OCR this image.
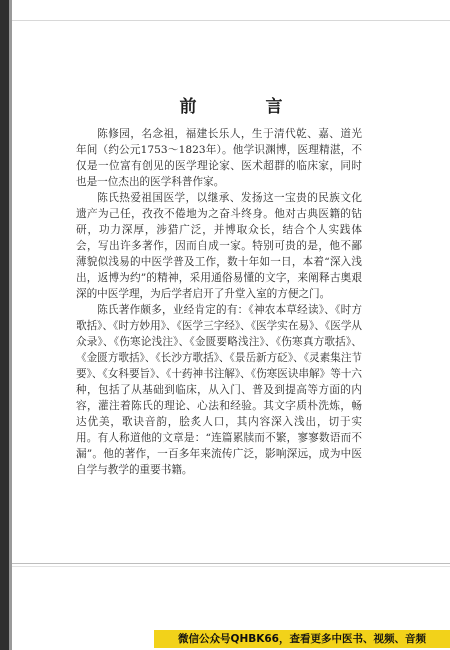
前　言

陈修园，名念祖，福建长乐人，生于清代乾、嘉、道光年间（约公元1753～1823年）。他学识渊博，医理精湛，不仅是一位富有创见的医学理论家、医术超群的临床家，同时也是一位杰出的医学科普作家。

陈氏热爱祖国医学，以继承、发扬这一宝贵的民族文化遗产为己任，孜孜不倦地为之奋斗终身。他对古典医籍的钻研，功力深厚，涉猎广泛，并博取众长，结合个人实践体会，写出许多著作，因而自成一家。特别可贵的是，他不鄙薄貌似浅易的中医学普及工作，数十年如一日，本着“深入浅出，返博为约”的精神，采用通俗易懂的文字，来阐释古奥艰深的中医学理，为后学者启开了升堂入室的方便之门。

陈氏著作颇多，业经肯定的有：《神农本草经读》、《时方歌括》、《时方妙用》、《医学三字经》、《医学实在易》、《医学从众录》、《伤寒论浅注》、《金匮要略浅注》、《伤寒真方歌括》、《金匮方歌括》、《长沙方歌括》、《景岳新方砭》、《灵素集注节要》、《女科要旨》、《十药神书注解》、《伤寒医诀串解》等十六种，包括了从基础到临床，从入门、普及到提高等方面的内容，灌注着陈氏的理论、心法和经验。其文字质朴洗炼，畅达优美，歌诀音韵，脍炙人口，其内容深入浅出，切于实用。有人称道他的文章是：“连篇累牍而不繁，寥寥数语而不漏”。他的著作，一百多年来流传广泛，影响深远，成为中医自学与教学的重要书籍。

微信公众号QHBK66，查看更多中医书、视频、音频
